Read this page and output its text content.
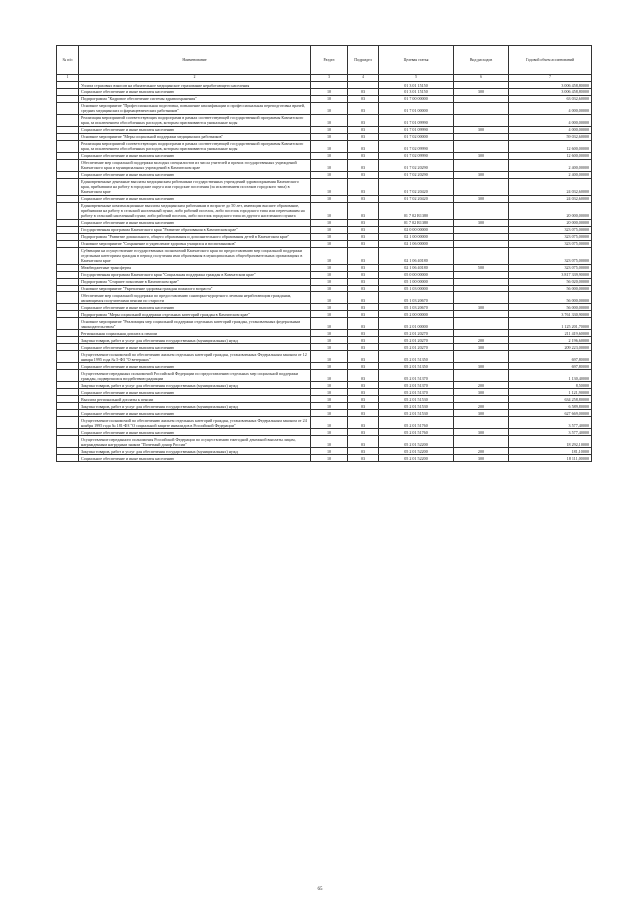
№ п/п	Наименование	Раздел	Подраздел	Целевая статья	Вид расходов	Годовой объем ассигнований
1	2	3	4	5	6	7
	Уплата страховых взносов на обязательное медицинское страхование неработающего населения			01 3 01 15150		3 006 458,80000
	Социальное обеспечение и иные выплаты населению	10	03	01 3 01 15150	300	3 006 458,80000
	Подпрограмма "Кадровое обеспечение системы здравоохранения"	10	03	01 7 00 00000		63 032,60000
	Основное мероприятие "Профессиональная подготовка, повышение квалификации и профессиональная переподготовка врачей, средних медицинских и фармацевтических работников"	10	03	01 7 01 00000		4 000,00000
	Реализация мероприятий соответствующих подпрограмм в рамках соответствующей государственной программы Камчатского края, за исключением обособленных расходов, которым присваиваются уникальные коды	10	03	01 7 01 09990		4 000,00000
	Социальное обеспечение и иные выплаты населению	10	03	01 7 01 09990	300	4 000,00000
	Основное мероприятие "Меры социальной поддержки медицинских работников"	10	03	01 7 02 00000		59 032,60000
	Реализация мероприятий соответствующих подпрограмм в рамках соответствующей государственной программы Камчатского края, за исключением обособленных расходов, которым присваиваются уникальные коды	10	03	01 7 02 09990		12 600,00000
	Социальное обеспечение и иные выплаты населению	10	03	01 7 02 09990	300	12 600,00000
	Обеспечение мер социальной поддержки молодых специалистов из числа учителей и прочих государственных учреждений Камчатского края и муниципальных учреждений в Камчатском крае	10	03	01 7 02 20290		2 400,00000
	Социальное обеспечение и иные выплаты населению	10	03	01 7 02 20290	300	2 400,00000
	Единовременные денежные выплаты медицинским работникам государственных учреждений здравоохранения Камчатского края, прибывшим на работу в городские округа или городские поселения (за исключением поселков городского типа) в Камчатском крае	10	03	01 7 02 20420		24 032,60000
	Социальное обеспечение и иные выплаты населению	10	03	01 7 02 20420	300	24 032,60000
	Единовременные компенсационные выплаты медицинским работникам в возрасте до 50 лет, имеющим высшее образование, прибывшим на работу в сельский населенный пункт, либо рабочий поселок, либо поселок городского типа или переехавшим на работу в сельский населенный пункт, либо рабочий поселок, либо поселок городского типа из другого населенного пункта	10	03	01 7 02 R1380		20 000,00000
	Социальное обеспечение и иные выплаты населению	10	03	01 7 02 R1380	300	20 000,00000
	Государственная программа Камчатского края "Развитие образования в Камчатском крае"	10	03	02 0 00 00000		323 075,00000
	Подпрограмма "Развитие дошкольного, общего образования и дополнительного образования детей в Камчатском крае"	10	03	02 1 00 00000		323 075,00000
	Основное мероприятие "Сохранение и укрепление здоровья учащихся и воспитанников"	10	03	02 1 06 00000		323 075,00000
	Субвенции на осуществление государственных полномочий Камчатского края по предоставлению мер социальной поддержки отдельным категориям граждан в период получения ими образования в муниципальных общеобразовательных организациях в Камчатском крае	10	03	02 1 06 40180		323 075,00000
	Межбюджетные трансферты	10	03	02 1 06 40180	500	323 075,00000
	Государственная программа Камчатского края "Социальная поддержка граждан в Камчатском крае"	10	03	05 0 00 00000		3 817 339,90000
	Подпрограмма "Старшее поколение в Камчатском крае"	10	03	05 1 00 00000		56 020,00000
	Основное мероприятие "Укрепление здоровья граждан пожилого возраста"	10	03	05 1 03 00000		56 000,00000
	Обеспечение мер социальной поддержки по предоставлению санаторно-курортного лечения неработающим гражданам, являющимся получателями пенсии по старости	10	03	05 1 03 20670		56 000,00000
	Социальное обеспечение и иные выплаты населению	10	03	05 1 03 20670	300	56 000,00000
	Подпрограмма "Меры социальной поддержки отдельных категорий граждан в Камчатском крае"	10	03	05 2 00 00000		3 761 330,90000
	Основное мероприятие "Реализация мер социальной поддержки отдельных категорий граждан, установленных федеральным законодательством"	10	03	05 2 01 00000		1 125 201,70000
	Региональная социальная доплата к пенсии	10	03	05 2 01 20270		211 419,60000
	Закупка товаров, работ и услуг для обеспечения государственных (муниципальных) нужд	10	03	05 2 01 20270	200	2 196,60000
	Социальное обеспечение и иные выплаты населению	10	03	05 2 01 20270	300	209 223,00000
	Осуществление полномочий по обеспечению жильем отдельных категорий граждан, установленных Федеральным законом от 12 января 1995 года № 5-ФЗ "О ветеранах"	10	03	05 2 01 51350		697,80000
	Социальное обеспечение и иные выплаты населению	10	03	05 2 01 51350	300	697,80000
	Осуществление переданных полномочий Российской Федерации по предоставлению отдельных мер социальной поддержки граждан, подвергшихся воздействию радиации	10	03	05 2 01 51370		1 130,40000
	Закупка товаров, работ и услуг для обеспечения государственных (муниципальных) нужд	10	03	05 2 01 51370	200	8,50000
	Социальное обеспечение и иные выплаты населению	10	03	05 2 01 51370	300	1 121,90000
	Выплата региональной доплаты к пенсии	10	03	05 2 01 51530		634 258,80000
	Закупка товаров, работ и услуг для обеспечения государственных (муниципальных) нужд	10	03	05 2 01 51530	200	6 589,80000
	Социальное обеспечение и иные выплаты населению	10	03	05 2 01 51530	300	627 669,00000
	Осуществление полномочий по обеспечению жильем отдельных категорий граждан, установленных Федеральным законом от 24 ноября 1995 года № 181-ФЗ "О социальной защите инвалидов в Российской Федерации"	10	03	05 2 01 51760		3 577,40000
	Социальное обеспечение и иные выплаты населению	10	03	05 2 01 51760	300	3 577,40000
	Осуществление переданного полномочия Российской Федерации по осуществлению ежегодной денежной выплаты лицам, награжденным нагрудным знаком "Почетный донор России"	10	03	05 2 01 52200		18 292,10000
	Закупка товаров, работ и услуг для обеспечения государственных (муниципальных) нужд	10	03	05 2 01 52200	200	181,10000
	Социальное обеспечение и иные выплаты населению	10	03	05 2 01 52200	300	18 111,00000
65
